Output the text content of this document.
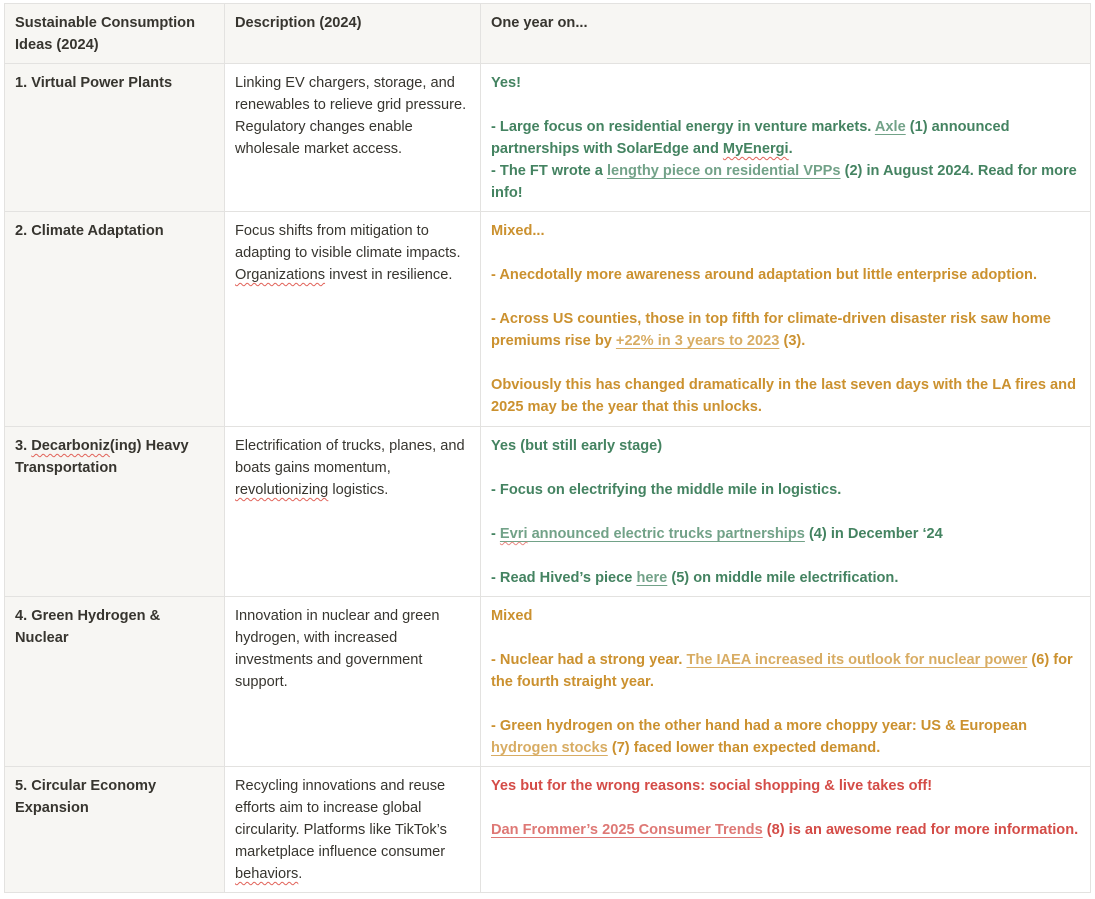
Sustainable Consumption Ideas (2024)	Description (2024)	One year on...
1. Virtual Power Plants	Linking EV chargers, storage, and renewables to relieve grid pressure. Regulatory changes enable wholesale market access.	Yes!
- Large focus on residential energy in venture markets. Axle (1) announced partnerships with SolarEdge and MyEnergi.
- The FT wrote a lengthy piece on residential VPPs (2) in August 2024. Read for more info!
2. Climate Adaptation	Focus shifts from mitigation to adapting to visible climate impacts. Organizations invest in resilience.	Mixed...
- Anecdotally more awareness around adaptation but little enterprise adoption.
- Across US counties, those in top fifth for climate-driven disaster risk saw home premiums rise by +22% in 3 years to 2023 (3).
Obviously this has changed dramatically in the last seven days with the LA fires and 2025 may be the year that this unlocks.
3. Decarboniz(ing) Heavy Transportation	Electrification of trucks, planes, and boats gains momentum, revolutionizing logistics.	Yes (but still early stage)
- Focus on electrifying the middle mile in logistics.
- Evri announced electric trucks partnerships (4) in December ‘24
- Read Hived’s piece here (5) on middle mile electrification.
4. Green Hydrogen & Nuclear	Innovation in nuclear and green hydrogen, with increased investments and government support.	Mixed
- Nuclear had a strong year. The IAEA increased its outlook for nuclear power (6) for the fourth straight year.
- Green hydrogen on the other hand had a more choppy year: US & European hydrogen stocks (7) faced lower than expected demand.
5. Circular Economy Expansion	Recycling innovations and reuse efforts aim to increase global circularity. Platforms like TikTok’s marketplace influence consumer behaviors.	Yes but for the wrong reasons: social shopping & live takes off!
Dan Frommer’s 2025 Consumer Trends (8) is an awesome read for more information.
